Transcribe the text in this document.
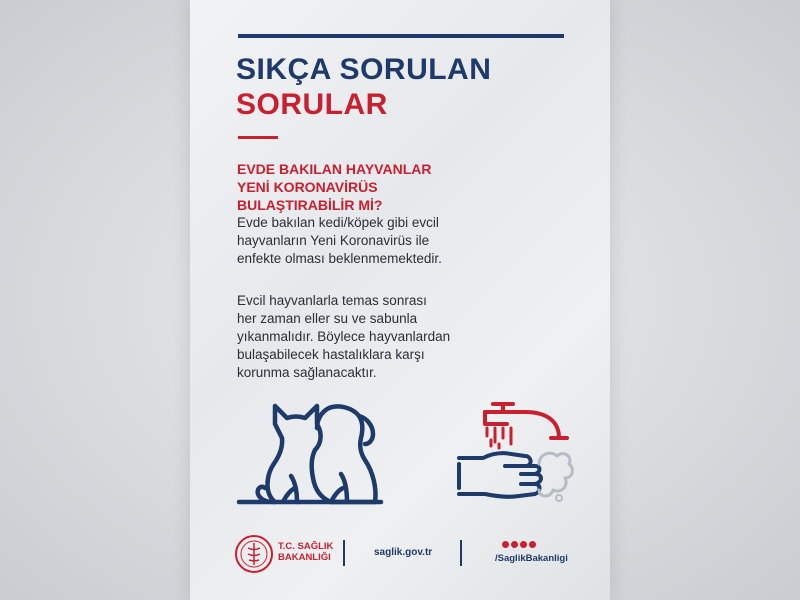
SIKÇA SORULAN
SORULAR
EVDE BAKILAN HAYVANLAR
YENİ KORONAVİRÜS
BULAŞTIRABİLİR Mİ?

Evde bakılan kedi/köpek gibi evcil

hayvanların Yeni Koronavirüs ile

enfekte olması beklenmemektedir.

Evcil hayvanlarla temas sonrası

her zaman eller su ve sabunla

yıkanmalıdır. Böylece hayvanlardan

bulaşabilecek hastalıklara karşı

korunma sağlanacaktır.

T.C. SAĞLIK
BAKANLIĞI	saglik.gov.tr
/SaglikBakanligi
